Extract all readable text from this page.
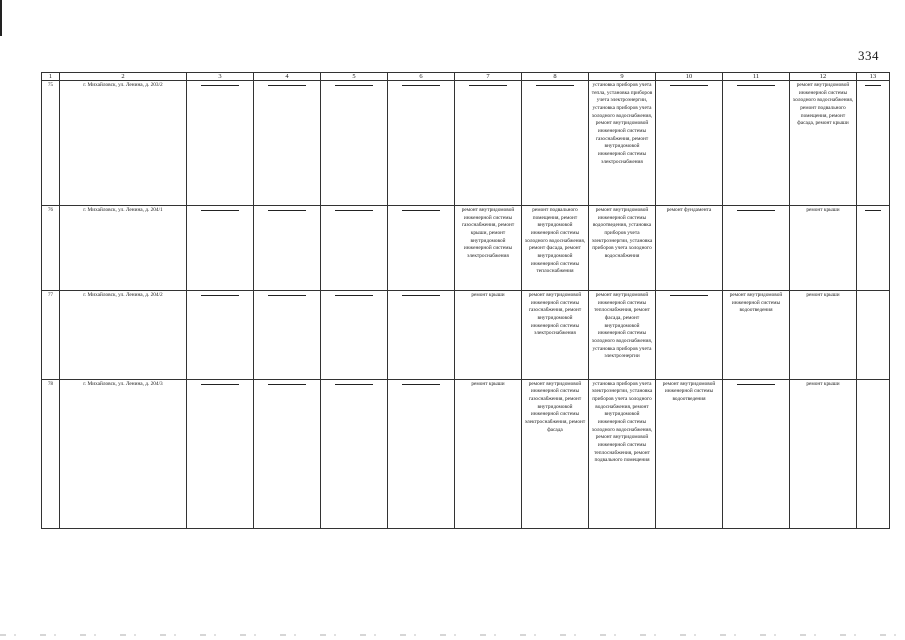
334
1	2	3	4	5	6	7	8	9	10	11	12	13
75	г. Михайловск, ул. Ленина, д. 203/2							установка приборов учета тепла, установка приборов учета электроэнергии, установка приборов учета холодного водоснабжения, ремонт внутридомовой инженерной системы газоснабжения, ремонт внутридомовой инженерной системы электроснабжения			ремонт внутридомовой инженерной системы холодного водоснабжения, ремонт подвального помещения, ремонт фасада, ремонт крыши	

76	г. Михайловск, ул. Ленина, д. 204/1					ремонт внутридомовой инженерной системы газоснабжения, ремонт крыши, ремонт внутридомовой инженерной системы электроснабжения	ремонт подвального помещения, ремонт внутридомовой инженерной системы холодного водоснабжения, ремонт фасада, ремонт внутридомовой инженерной системы теплоснабжения	ремонт внутридомовой инженерной системы водоотведения, установка приборов учета электроэнергии, установка приборов учета холодного водоснабжения	ремонт фундамента		ремонт крыши	

77	г. Михайловск, ул. Ленина, д. 204/2					ремонт крыши	ремонт внутридомовой инженерной системы газоснабжения, ремонт внутридомовой инженерной системы электроснабжения	ремонт внутридомовой инженерной системы теплоснабжения, ремонт фасада, ремонт внутридомовой инженерной системы холодного водоснабжения, установка приборов учета электроэнергии		ремонт внутридомовой инженерной системы водоотведения	ремонт крыши	
78	г. Михайловск, ул. Ленина, д. 204/3					ремонт крыши	ремонт внутридомовой инженерной системы газоснабжения, ремонт внутридомовой инженерной системы электроснабжения, ремонт фасада	установка приборов учета электроэнергии, установка приборов учета холодного водоснабжения, ремонт внутридомовой инженерной системы холодного водоснабжения, ремонт внутридомовой инженерной системы теплоснабжения, ремонт подвального помещения	ремонт внутридомовой инженерной системы водоотведения		ремонт крыши	
